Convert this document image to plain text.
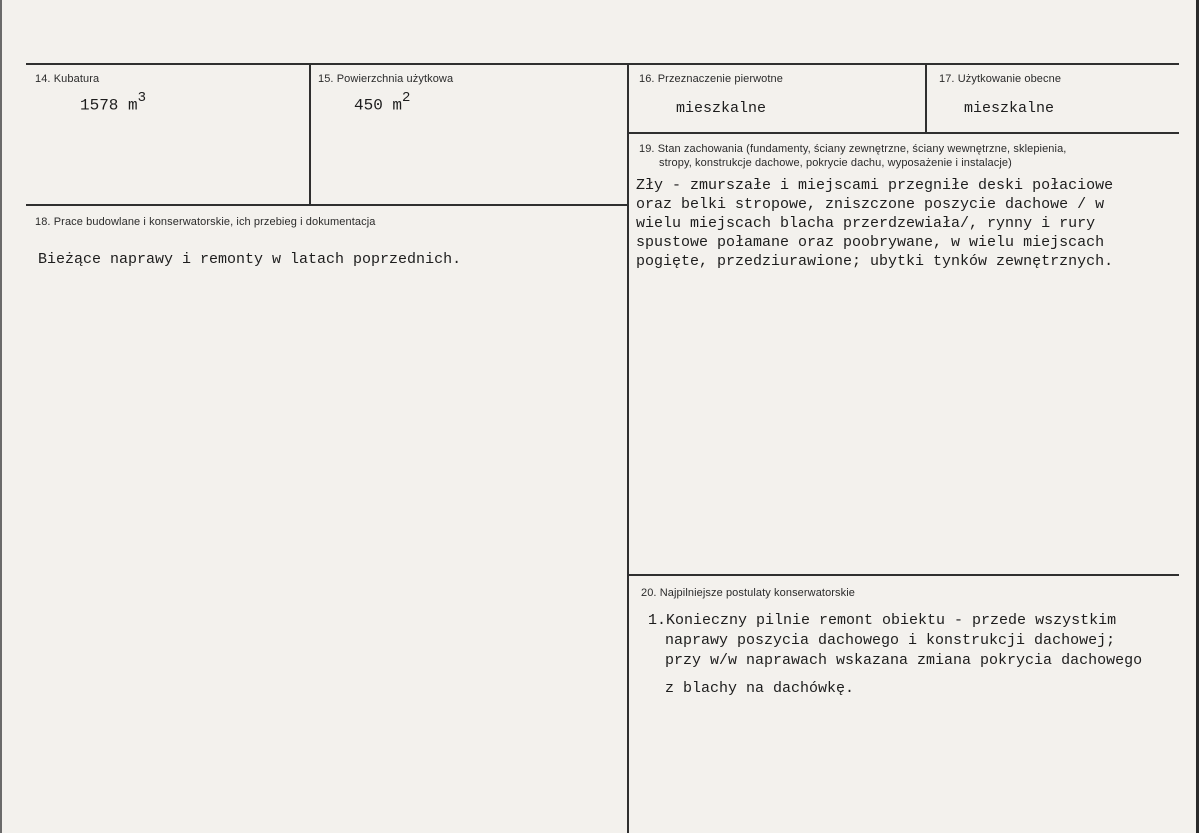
14. Kubatura
1578 $m^3$
15. Powierzchnia użytkowa
450 $m^2$
16. Przeznaczenie pierwotne
mieszkalne
17. Użytkowanie obecne
mieszkalne
18. Prace budowlane i konserwatorskie, ich przebieg i dokumentacja
Bieżące naprawy i remonty w latach poprzednich.
19. Stan zachowania (fundamenty, ściany zewnętrzne, ściany wewnętrzne, sklepienia,
stropy, konstrukcje dachowe, pokrycie dachu, wyposażenie i instalacje)
Zły - zmurszałe i miejscami przegniłe deski połaciowe
oraz belki stropowe, zniszczone poszycie dachowe / w
wielu miejscach blacha przerdzewiała/, rynny i rury
spustowe połamane oraz poobrywane, w wielu miejscach
pogięte, przedziurawione; ubytki tynków zewnętrznych.
20. Najpilniejsze postulaty konserwatorskie
1.Konieczny pilnie remont obiektu - przede wszystkim
naprawy poszycia dachowego i konstrukcji dachowej;
przy w/w naprawach wskazana zmiana pokrycia dachowego
z blachy na dachówkę.
